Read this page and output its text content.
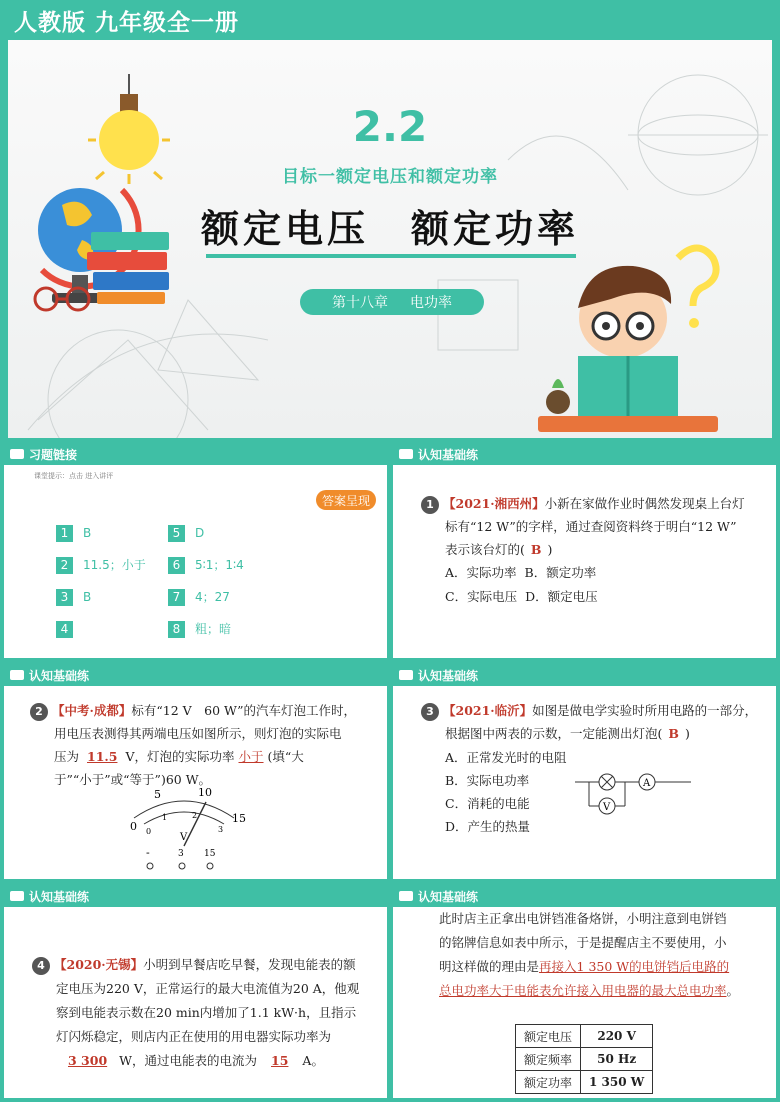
人教版 九年级全一册
2.2
目标一额定电压和额定功率
额定电压　额定功率
第十八章 电功率
习题链接
课堂提示：点击 进入讲评
答案呈现
1 B	5 D
2 11.5；小于	6 5∶1；1∶4
3 B	7 4；27
4	8 粗；暗
认知基础练
1 【2021·湘西州】小新在家做作业时偶然发现桌上台灯
标有“12 W”的字样，通过查阅资料终于明白“12 W”
表示该台灯的( B )
A．实际功率 B．额定功率
C．实际电压 D．额定电压
认知基础练
2 【中考·成都】标有“12 V　60 W”的汽车灯泡工作时，
用电压表测得其两端电压如图所示，则灯泡的实际电
压为 11.5 V，灯泡的实际功率 小于 (填“大
于”“小于”或“等于”)60 W。
0
5	10
15
0
1	2
3
V
-	3 15
认知基础练
3 【2021·临沂】如图是做电学实验时所用电路的一部分，
根据图中两表的示数，一定能测出灯泡( B )
A．正常发光时的电阻
B．实际电功率
C．消耗的电能
D．产生的热量
A
V
认知基础练
4 【2020·无锡】小明到早餐店吃早餐，发现电能表的额
定电压为220 V，正常运行的最大电流值为20 A，他观
察到电能表示数在20 min内增加了1.1 kW·h，且指示
灯闪烁稳定，则店内正在使用的用电器实际功率为
3 300 W，通过电能表的电流为 15 A。
认知基础练
此时店主正拿出电饼铛准备烙饼，小明注意到电饼铛
的铭牌信息如表中所示，于是提醒店主不要使用，小
明这样做的理由是再接入1 350 W的电饼铛后电路的
总电功率大于电能表允许接入用电器的最大总电功率。
额定电压	220 V
额定频率	50 Hz
额定功率	1 350 W
